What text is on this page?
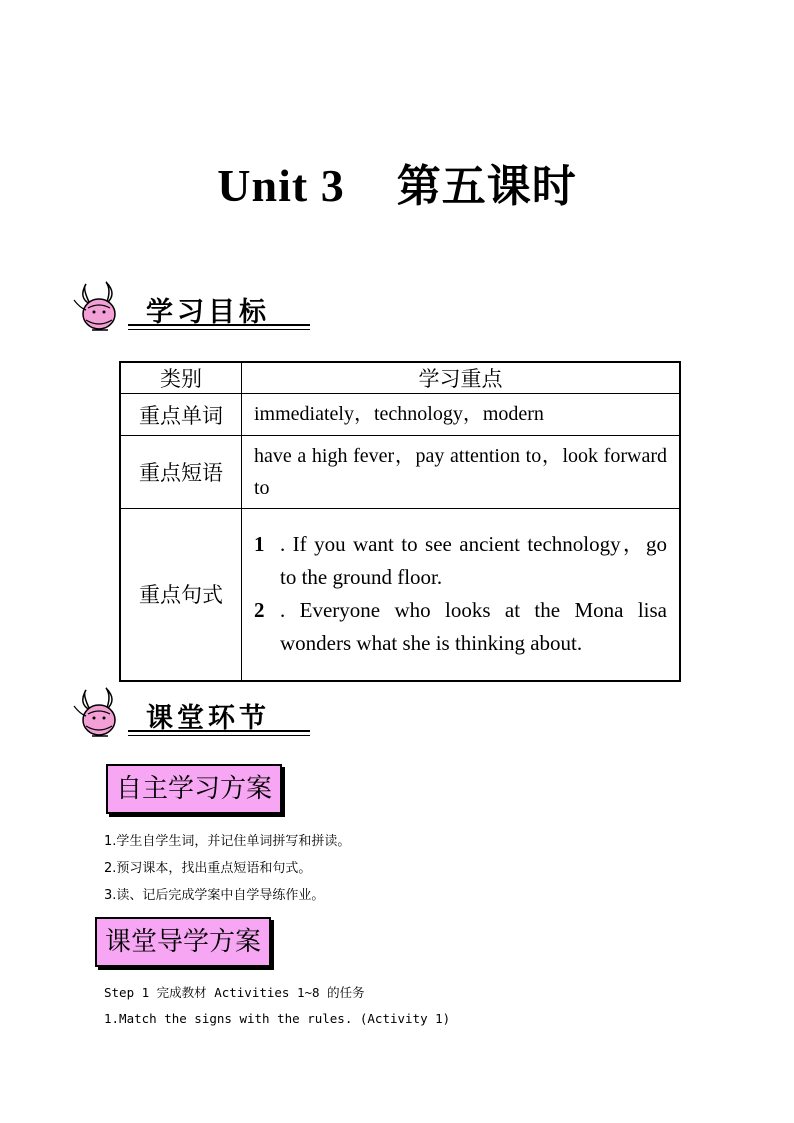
Unit 3 第五课时
学习目标
类别	学习重点
重点单词	immediately，technology，modern
重点短语	have a high fever，pay attention to，look forward to
重点句式	1 . If you want to see ancient technology，go to the ground floor.
2 . Everyone who looks at the Mona lisa wonders what she is thinking about.
课堂环节
自主学习方案
1.学生自学生词，并记住单词拼写和拼读。
2.预习课本，找出重点短语和句式。
3.读、记后完成学案中自学导练作业。
课堂导学方案
Step 1 完成教材 Activities 1~8 的任务
1.Match the signs with the rules. (Activity 1)
